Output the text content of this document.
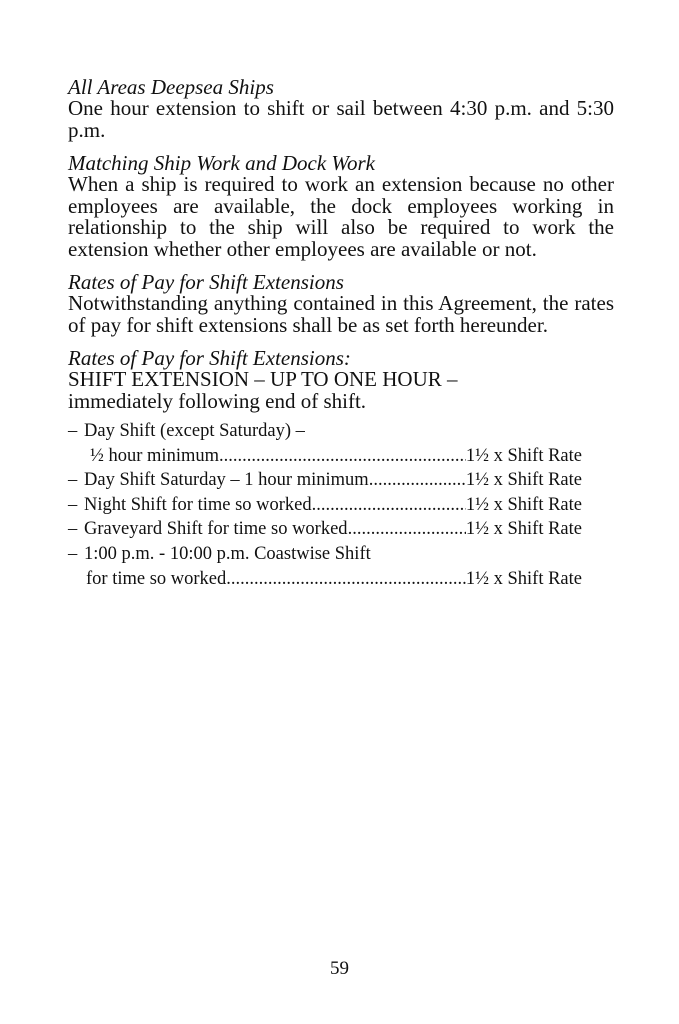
All Areas Deepsea Ships

One hour extension to shift or sail between 4:30 p.m. and 5:30 p.m.

Matching Ship Work and Dock Work

When a ship is required to work an extension because no other employees are available, the dock employees working in relationship to the ship will also be required to work the extension whether other employees are available or not.

Rates of Pay for Shift Extensions

Notwithstanding anything contained in this Agreement, the rates of pay for shift extensions shall be as set forth hereunder.

Rates of Pay for Shift Extensions:

SHIFT EXTENSION – UP TO ONE HOUR –

immediately following end of shift.

– Day Shift (except Saturday) –
½ hour minimum .....	1½ x Shift Rate
– Day Shift Saturday – 1 hour minimum .....	1½ x Shift Rate
– Night Shift for time so worked .....	1½ x Shift Rate
– Graveyard Shift for time so worked .....	1½ x Shift Rate
– 1:00 p.m. - 10:00 p.m. Coastwise Shift
for time so worked .....	1½ x Shift Rate
59
